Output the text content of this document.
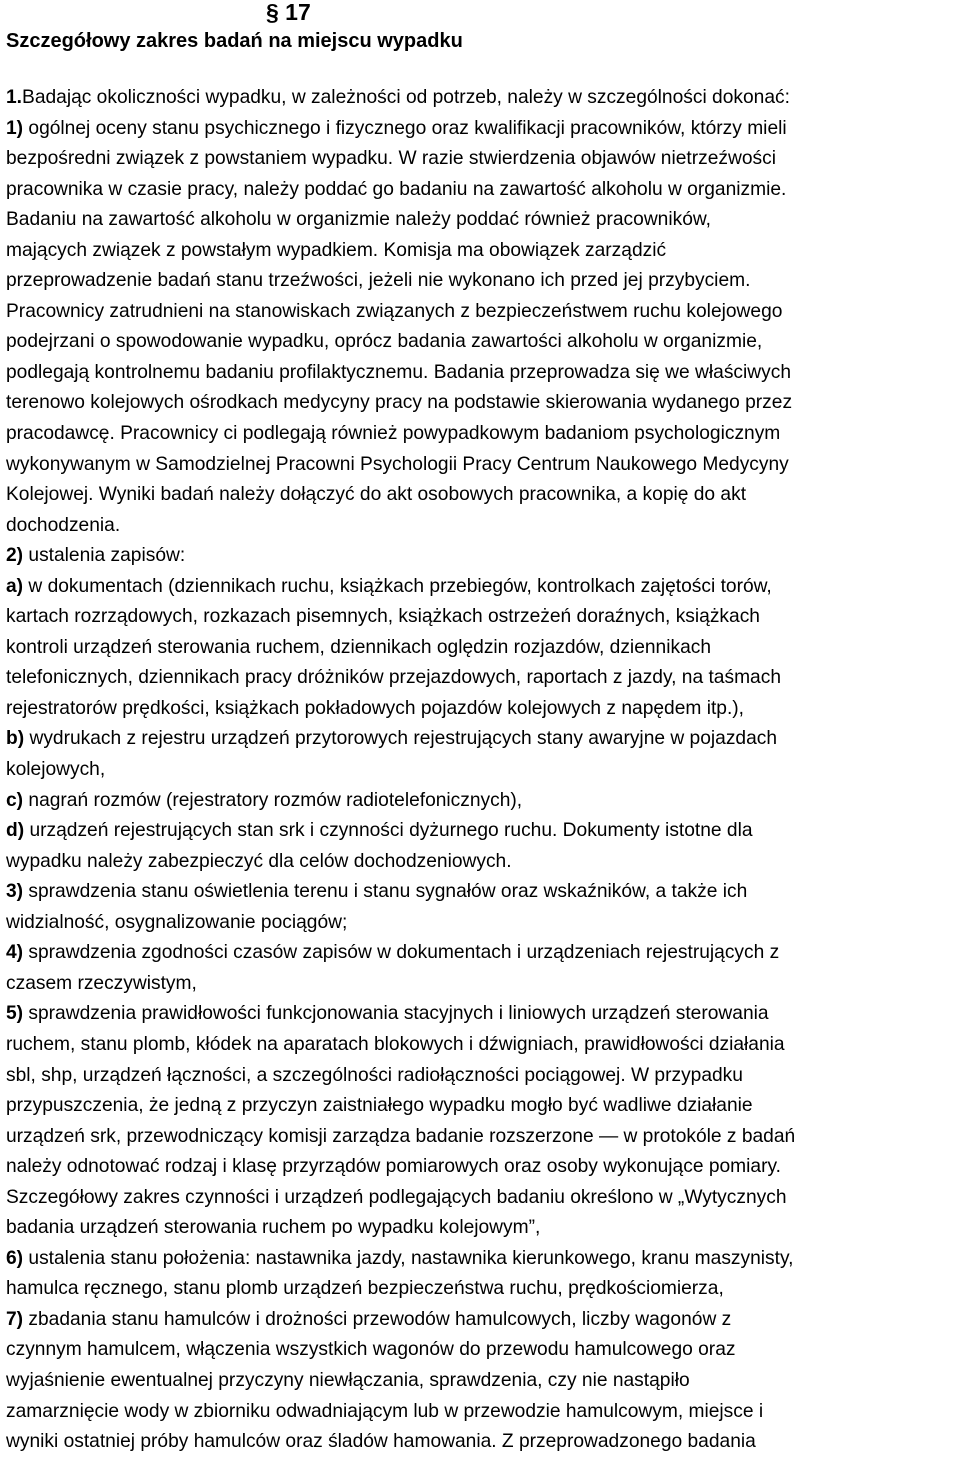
§ 17
Szczegółowy zakres badań na miejscu wypadku
1.Badając okoliczności wypadku, w zależności od potrzeb, należy w szczególności dokonać:
1) ogólnej oceny stanu psychicznego i fizycznego oraz kwalifikacji pracowników, którzy mieli
bezpośredni związek z powstaniem wypadku. W razie stwierdzenia objawów nietrzeźwości
pracownika w czasie pracy, należy poddać go badaniu na zawartość alkoholu w organizmie.
Badaniu na zawartość alkoholu w organizmie należy poddać również pracowników,
mających związek z powstałym wypadkiem. Komisja ma obowiązek zarządzić
przeprowadzenie badań stanu trzeźwości, jeżeli nie wykonano ich przed jej przybyciem.
Pracownicy zatrudnieni na stanowiskach związanych z bezpieczeństwem ruchu kolejowego
podejrzani o spowodowanie wypadku, oprócz badania zawartości alkoholu w organizmie,
podlegają kontrolnemu badaniu profilaktycznemu. Badania przeprowadza się we właściwych
terenowo kolejowych ośrodkach medycyny pracy na podstawie skierowania wydanego przez
pracodawcę. Pracownicy ci podlegają również powypadkowym badaniom psychologicznym
wykonywanym w Samodzielnej Pracowni Psychologii Pracy Centrum Naukowego Medycyny
Kolejowej. Wyniki badań należy dołączyć do akt osobowych pracownika, a kopię do akt
dochodzenia.
2) ustalenia zapisów:
a) w dokumentach (dziennikach ruchu, książkach przebiegów, kontrolkach zajętości torów,
kartach rozrządowych, rozkazach pisemnych, książkach ostrzeżeń doraźnych, książkach
kontroli urządzeń sterowania ruchem, dziennikach oględzin rozjazdów, dziennikach
telefonicznych, dziennikach pracy dróżników przejazdowych, raportach z jazdy, na taśmach
rejestratorów prędkości, książkach pokładowych pojazdów kolejowych z napędem itp.),
b) wydrukach z rejestru urządzeń przytorowych rejestrujących stany awaryjne w pojazdach
kolejowych,
c) nagrań rozmów (rejestratory rozmów radiotelefonicznych),
d) urządzeń rejestrujących stan srk i czynności dyżurnego ruchu. Dokumenty istotne dla
wypadku należy zabezpieczyć dla celów dochodzeniowych.
3) sprawdzenia stanu oświetlenia terenu i stanu sygnałów oraz wskaźników, a także ich
widzialność, osygnalizowanie pociągów;
4) sprawdzenia zgodności czasów zapisów w dokumentach i urządzeniach rejestrujących z
czasem rzeczywistym,
5) sprawdzenia prawidłowości funkcjonowania stacyjnych i liniowych urządzeń sterowania
ruchem, stanu plomb, kłódek na aparatach blokowych i dźwigniach, prawidłowości działania
sbl, shp, urządzeń łączności, a szczególności radiołączności pociągowej. W przypadku
przypuszczenia, że jedną z przyczyn zaistniałego wypadku mogło być wadliwe działanie
urządzeń srk, przewodniczący komisji zarządza badanie rozszerzone — w protokóle z badań
należy odnotować rodzaj i klasę przyrządów pomiarowych oraz osoby wykonujące pomiary.
Szczegółowy zakres czynności i urządzeń podlegających badaniu określono w „Wytycznych
badania urządzeń sterowania ruchem po wypadku kolejowym”,
6) ustalenia stanu położenia: nastawnika jazdy, nastawnika kierunkowego, kranu maszynisty,
hamulca ręcznego, stanu plomb urządzeń bezpieczeństwa ruchu, prędkościomierza,
7) zbadania stanu hamulców i drożności przewodów hamulcowych, liczby wagonów z
czynnym hamulcem, włączenia wszystkich wagonów do przewodu hamulcowego oraz
wyjaśnienie ewentualnej przyczyny niewłączania, sprawdzenia, czy nie nastąpiło
zamarznięcie wody w zbiorniku odwadniającym lub w przewodzie hamulcowym, miejsce i
wyniki ostatniej próby hamulców oraz śladów hamowania. Z przeprowadzonego badania
